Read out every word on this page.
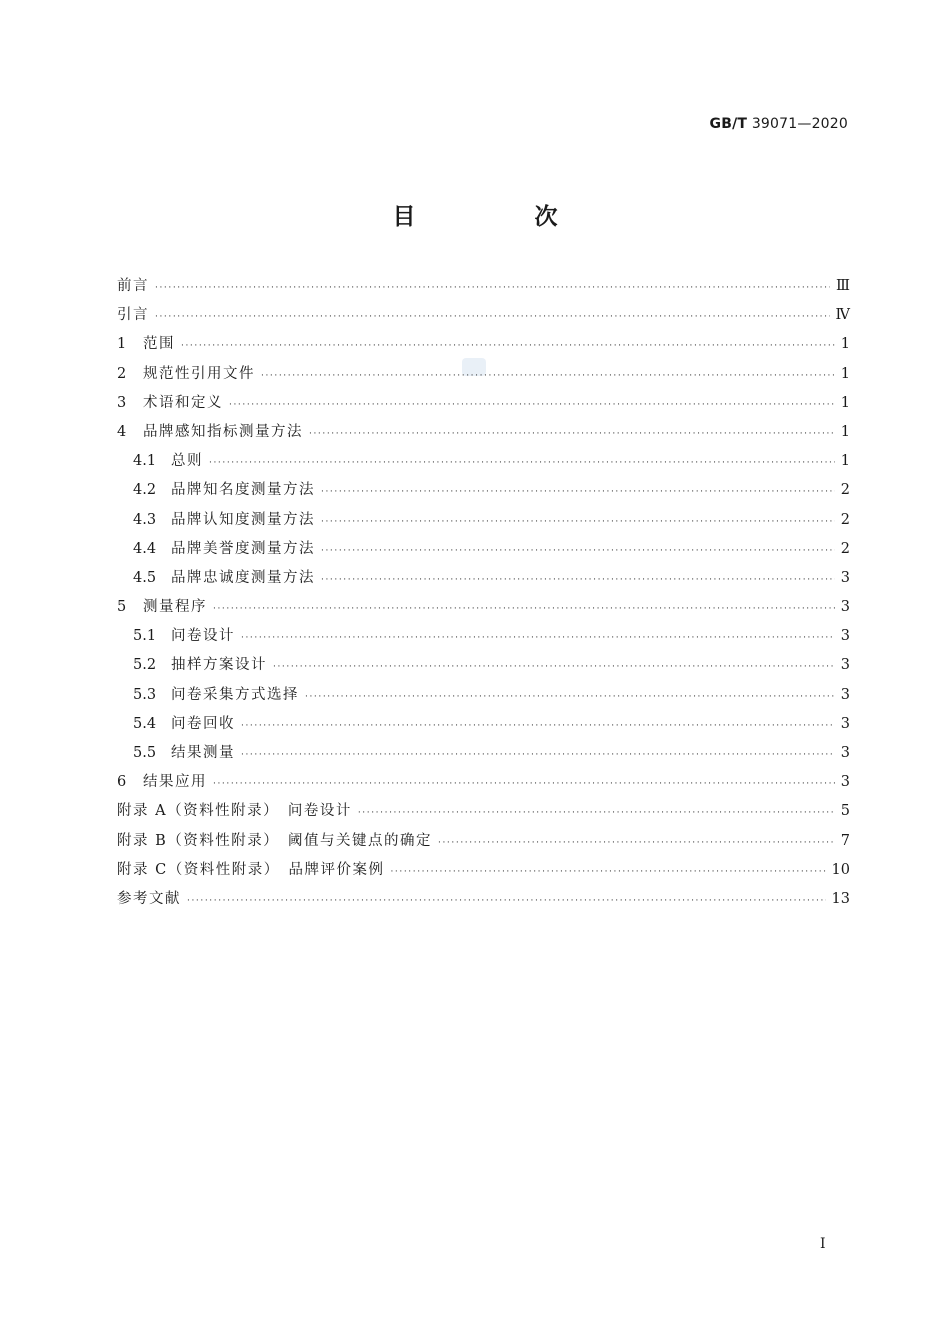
GB/T 39071—2020
目　次
前言 ·····	Ⅲ
引言 ·····	Ⅳ
1	范围 ·····	1
2	规范性引用文件 ·····	1
3	术语和定义 ·····	1
4	品牌感知指标测量方法 ·····	1
4.1	总则 ·····	1
4.2	品牌知名度测量方法 ·····	2
4.3	品牌认知度测量方法 ·····	2
4.4	品牌美誉度测量方法 ·····	2
4.5	品牌忠诚度测量方法 ·····	3
5	测量程序 ·····	3
5.1	问卷设计 ·····	3
5.2	抽样方案设计 ·····	3
5.3	问卷采集方式选择 ·····	3
5.4	问卷回收 ·····	3
5.5	结果测量 ·····	3
6	结果应用 ·····	3
附录 A（资料性附录）　问卷设计 ·····	5
附录 B（资料性附录）　阈值与关键点的确定 ·····	7
附录 C（资料性附录）　品牌评价案例 ·····	10
参考文献 ·····	13
Ⅰ
